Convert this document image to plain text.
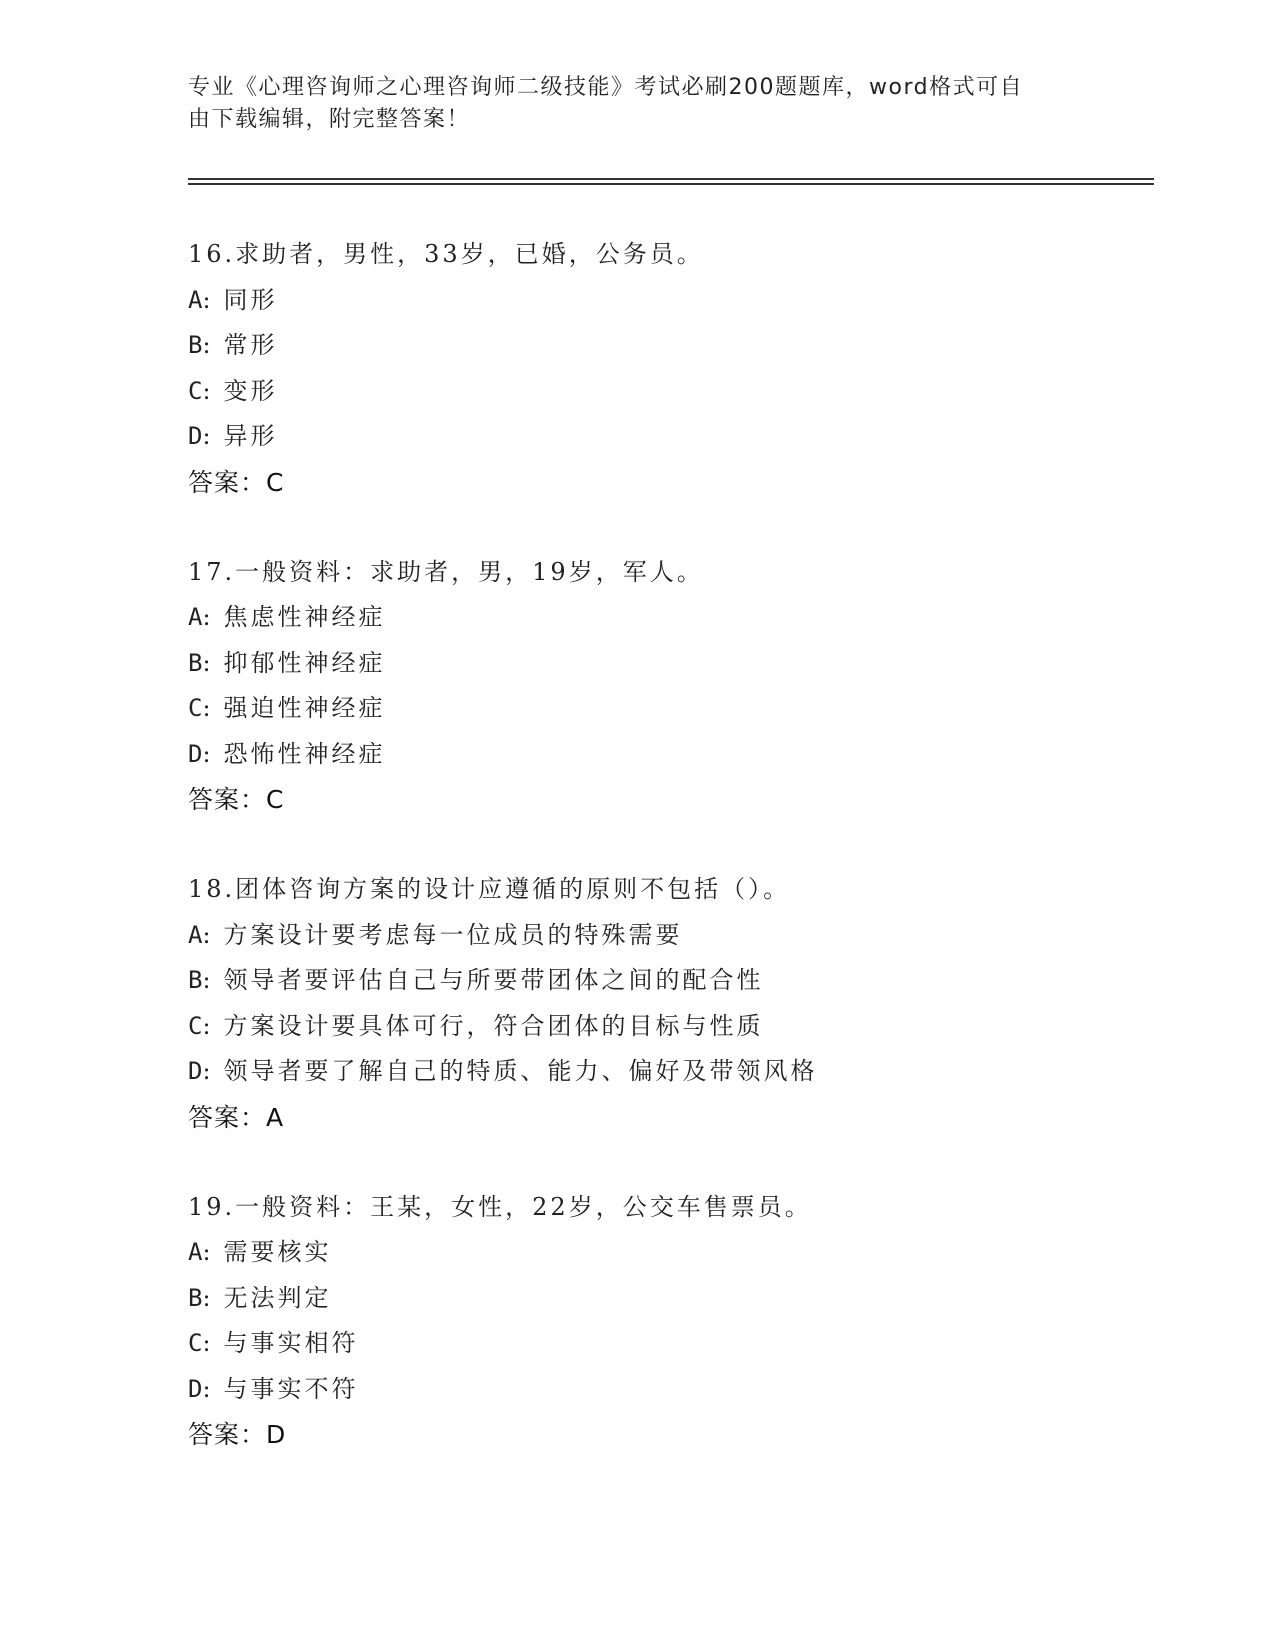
专业《心理咨询师之心理咨询师二级技能》考试必刷200题题库，word格式可自
由下载编辑，附完整答案！
16.求助者，男性，33岁，已婚，公务员。
A: 同形
B: 常形
C: 变形
D: 异形
答案：C
17.一般资料：求助者，男，19岁，军人。
A: 焦虑性神经症
B: 抑郁性神经症
C: 强迫性神经症
D: 恐怖性神经症
答案：C
18.团体咨询方案的设计应遵循的原则不包括（）。
A: 方案设计要考虑每一位成员的特殊需要
B: 领导者要评估自己与所要带团体之间的配合性
C: 方案设计要具体可行，符合团体的目标与性质
D: 领导者要了解自己的特质、能力、偏好及带领风格
答案：A
19.一般资料：王某，女性，22岁，公交车售票员。
A: 需要核实
B: 无法判定
C: 与事实相符
D: 与事实不符
答案：D
